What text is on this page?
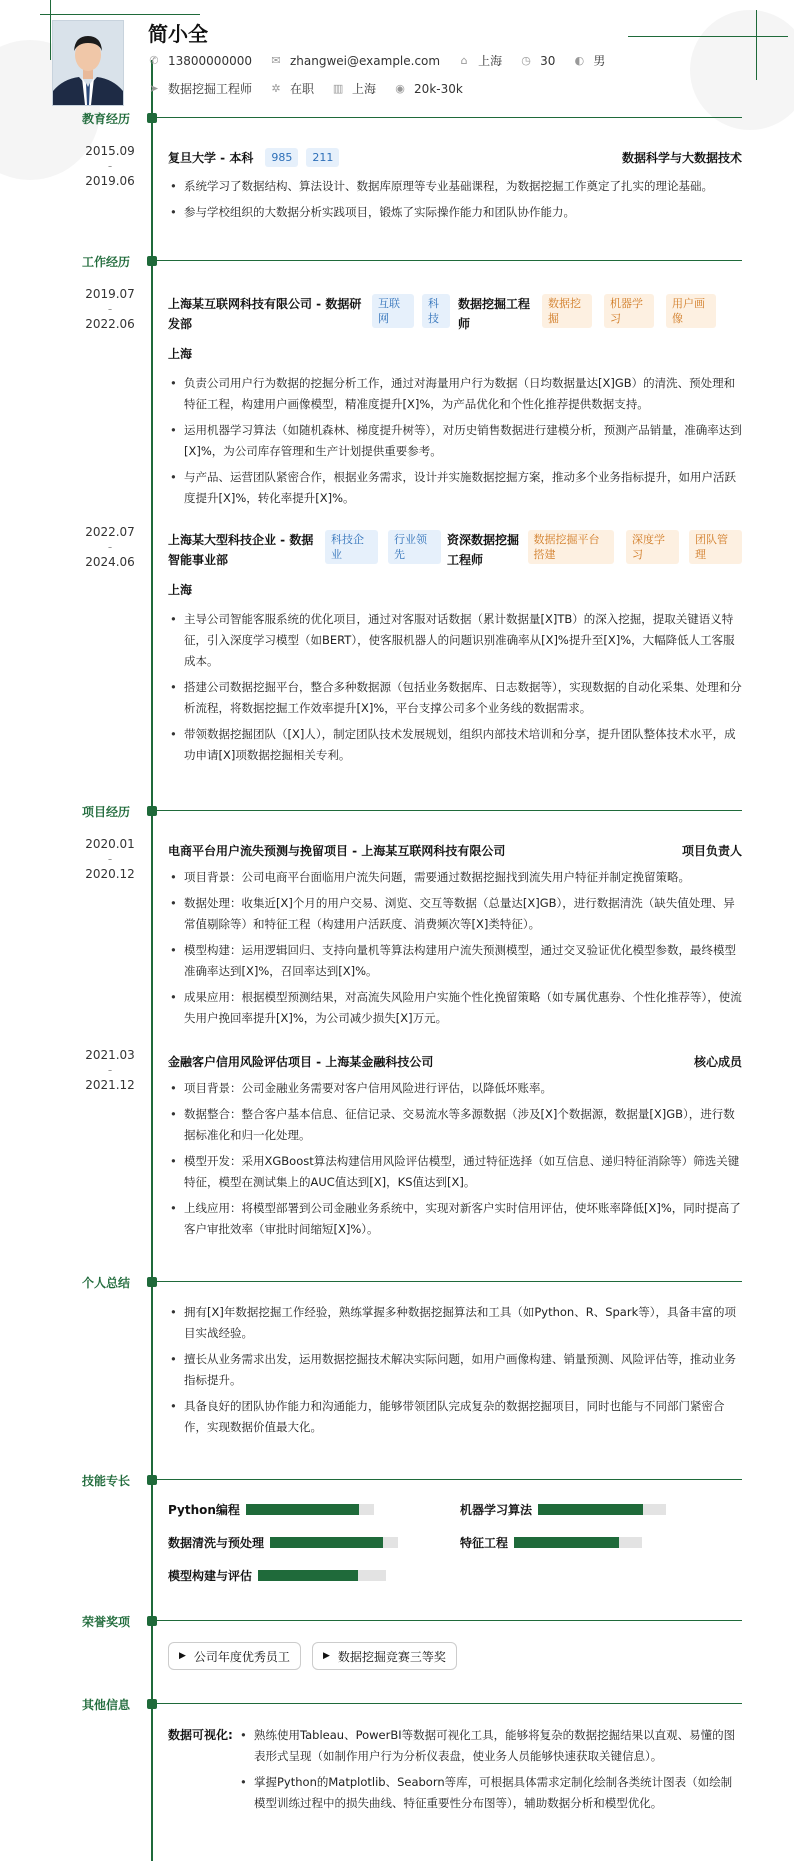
简小全
✆ 13800000000 ✉ zhangwei@example.com ⌂ 上海 ◷ 30 ◐ 男
➤ 数据挖掘工程师 ✲ 在职 ▥ 上海 ◉ 20k-30k
教育经历
2015.09
-
2019.06
复旦大学 - 本科	985	211	数据科学与大数据技术
• 系统学习了数据结构、算法设计、数据库原理等专业基础课程，为数据挖掘工作奠定了扎实的理论基础。
• 参与学校组织的大数据分析实践项目，锻炼了实际操作能力和团队协作能力。
工作经历
2019.07
-
2022.06
上海某互联网科技有限公司 - 数据研发部
互联网
科技
数据挖掘工程师
数据挖掘
机器学习
用户画像
上海
• 负责公司用户行为数据的挖掘分析工作，通过对海量用户行为数据（日均数据量达[X]GB）的清洗、预处理和特征工程，构建用户画像模型，精准度提升[X]%，为产品优化和个性化推荐提供数据支持。
• 运用机器学习算法（如随机森林、梯度提升树等），对历史销售数据进行建模分析，预测产品销量，准确率达到[X]%，为公司库存管理和生产计划提供重要参考。
• 与产品、运营团队紧密合作，根据业务需求，设计并实施数据挖掘方案，推动多个业务指标提升，如用户活跃度提升[X]%，转化率提升[X]%。
2022.07
-
2024.06
上海某大型科技企业 - 数据智能事业部
科技企业
行业领先
资深数据挖掘工程师
数据挖掘平台搭建
深度学习
团队管理
上海
• 主导公司智能客服系统的优化项目，通过对客服对话数据（累计数据量[X]TB）的深入挖掘，提取关键语义特征，引入深度学习模型（如BERT），使客服机器人的问题识别准确率从[X]%提升至[X]%，大幅降低人工客服成本。
• 搭建公司数据挖掘平台，整合多种数据源（包括业务数据库、日志数据等），实现数据的自动化采集、处理和分析流程，将数据挖掘工作效率提升[X]%，平台支撑公司多个业务线的数据需求。
• 带领数据挖掘团队（[X]人），制定团队技术发展规划，组织内部技术培训和分享，提升团队整体技术水平，成功申请[X]项数据挖掘相关专利。
项目经历
2020.01
-
2020.12
电商平台用户流失预测与挽留项目 - 上海某互联网科技有限公司	项目负责人
• 项目背景：公司电商平台面临用户流失问题，需要通过数据挖掘找到流失用户特征并制定挽留策略。
• 数据处理：收集近[X]个月的用户交易、浏览、交互等数据（总量达[X]GB），进行数据清洗（缺失值处理、异常值剔除等）和特征工程（构建用户活跃度、消费频次等[X]类特征）。
• 模型构建：运用逻辑回归、支持向量机等算法构建用户流失预测模型，通过交叉验证优化模型参数，最终模型准确率达到[X]%，召回率达到[X]%。
• 成果应用：根据模型预测结果，对高流失风险用户实施个性化挽留策略（如专属优惠券、个性化推荐等），使流失用户挽回率提升[X]%，为公司减少损失[X]万元。
2021.03
-
2021.12
金融客户信用风险评估项目 - 上海某金融科技公司	核心成员
• 项目背景：公司金融业务需要对客户信用风险进行评估，以降低坏账率。
• 数据整合：整合客户基本信息、征信记录、交易流水等多源数据（涉及[X]个数据源，数据量[X]GB），进行数据标准化和归一化处理。
• 模型开发：采用XGBoost算法构建信用风险评估模型，通过特征选择（如互信息、递归特征消除等）筛选关键特征，模型在测试集上的AUC值达到[X]，KS值达到[X]。
• 上线应用：将模型部署到公司金融业务系统中，实现对新客户实时信用评估，使坏账率降低[X]%，同时提高了客户审批效率（审批时间缩短[X]%）。
个人总结
• 拥有[X]年数据挖掘工作经验，熟练掌握多种数据挖掘算法和工具（如Python、R、Spark等），具备丰富的项目实战经验。
• 擅长从业务需求出发，运用数据挖掘技术解决实际问题，如用户画像构建、销量预测、风险评估等，推动业务指标提升。
• 具备良好的团队协作能力和沟通能力，能够带领团队完成复杂的数据挖掘项目，同时也能与不同部门紧密合作，实现数据价值最大化。
技能专长
Python编程	机器学习算法
数据清洗与预处理	特征工程
模型构建与评估
荣誉奖项
▶ 公司年度优秀员工	▶ 数据挖掘竞赛三等奖
其他信息
数据可视化:
•	熟练使用Tableau、PowerBI等数据可视化工具，能够将复杂的数据挖掘结果以直观、易懂的图表形式呈现（如制作用户行为分析仪表盘，使业务人员能够快速获取关键信息）。
• 掌握Python的Matplotlib、Seaborn等库，可根据具体需求定制化绘制各类统计图表（如绘制模型训练过程中的损失曲线、特征重要性分布图等），辅助数据分析和模型优化。
